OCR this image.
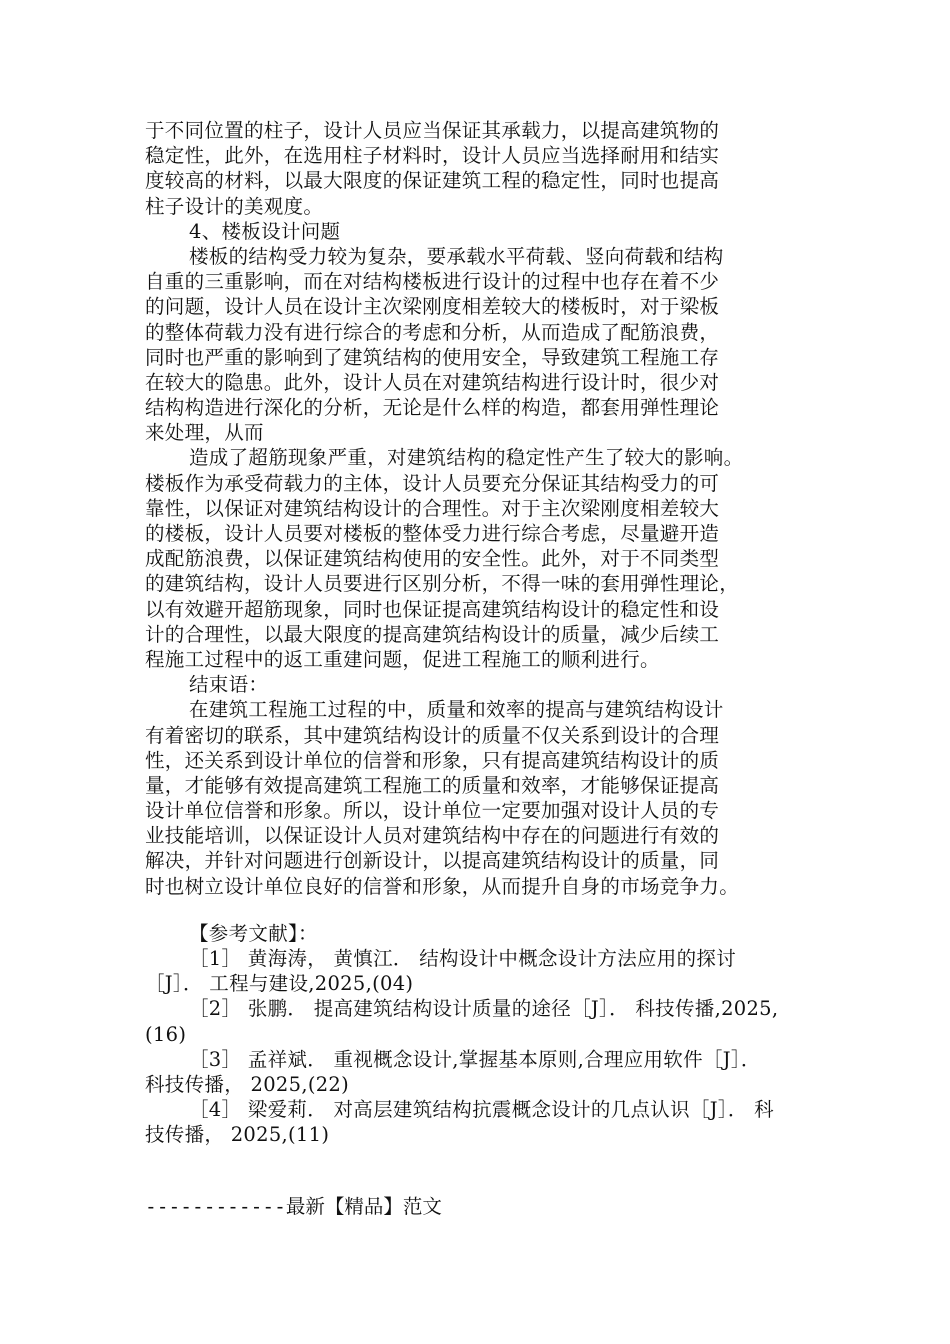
于不同位置的柱子，设计人员应当保证其承载力，以提高建筑物的
稳定性，此外，在选用柱子材料时，设计人员应当选择耐用和结实
度较高的材料，以最大限度的保证建筑工程的稳定性，同时也提高
柱子设计的美观度。
4、楼板设计问题
楼板的结构受力较为复杂，要承载水平荷载、竖向荷载和结构
自重的三重影响，而在对结构楼板进行设计的过程中也存在着不少
的问题，设计人员在设计主次梁刚度相差较大的楼板时，对于梁板
的整体荷载力没有进行综合的考虑和分析，从而造成了配筋浪费，
同时也严重的影响到了建筑结构的使用安全，导致建筑工程施工存
在较大的隐患。此外，设计人员在对建筑结构进行设计时，很少对
结构构造进行深化的分析，无论是什么样的构造，都套用弹性理论
来处理，从而
造成了超筋现象严重，对建筑结构的稳定性产生了较大的影响。
楼板作为承受荷载力的主体，设计人员要充分保证其结构受力的可
靠性，以保证对建筑结构设计的合理性。对于主次梁刚度相差较大
的楼板，设计人员要对楼板的整体受力进行综合考虑，尽量避开造
成配筋浪费，以保证建筑结构使用的安全性。此外，对于不同类型
的建筑结构，设计人员要进行区别分析，不得一味的套用弹性理论，
以有效避开超筋现象，同时也保证提高建筑结构设计的稳定性和设
计的合理性，以最大限度的提高建筑结构设计的质量，减少后续工
程施工过程中的返工重建问题，促进工程施工的顺利进行。
结束语：
在建筑工程施工过程的中，质量和效率的提高与建筑结构设计
有着密切的联系，其中建筑结构设计的质量不仅关系到设计的合理
性，还关系到设计单位的信誉和形象，只有提高建筑结构设计的质
量，才能够有效提高建筑工程施工的质量和效率，才能够保证提高
设计单位信誉和形象。所以，设计单位一定要加强对设计人员的专
业技能培训，以保证设计人员对建筑结构中存在的问题进行有效的
解决，并针对问题进行创新设计，以提高建筑结构设计的质量，同
时也树立设计单位良好的信誉和形象，从而提升自身的市场竞争力。
【参考文献】：
［1］ 黄海涛， 黄慎江． 结构设计中概念设计方法应用的探讨
［J］． 工程与建设,2025,(04)
［2］ 张鹏． 提高建筑结构设计质量的途径［J］． 科技传播,2025,
(16)
［3］ 孟祥斌． 重视概念设计,掌握基本原则,合理应用软件［J］．
科技传播， 2025,(22)
［4］ 梁爱莉． 对高层建筑结构抗震概念设计的几点认识［J］． 科
技传播， 2025,(11)
------------最新【精品】范文
